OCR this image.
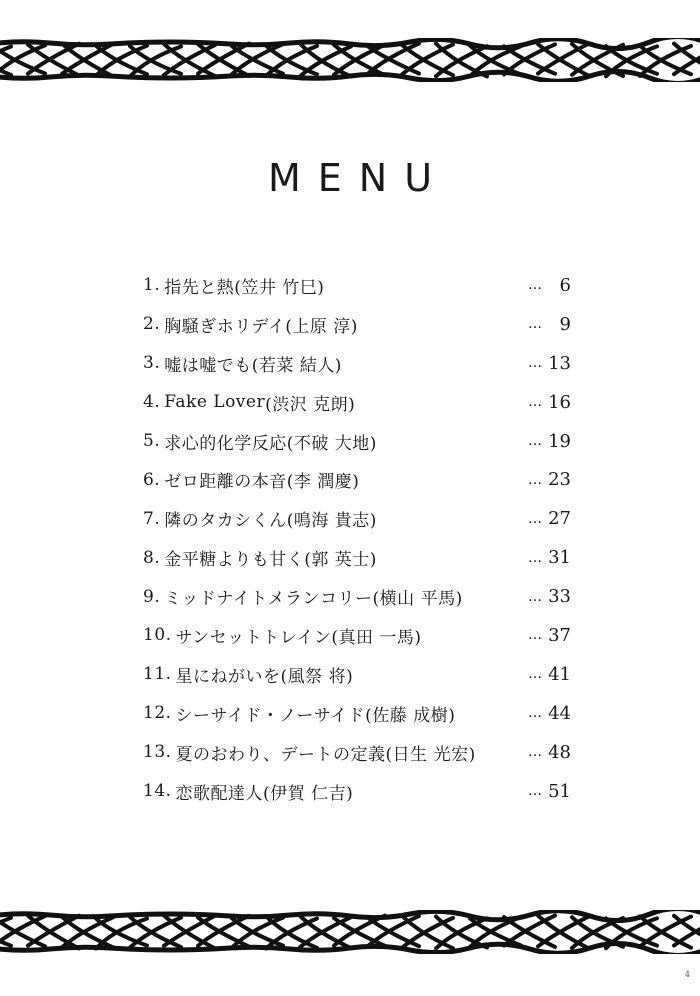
MENU
1. 指先と熱 (笠井 竹巳)	… 6
2. 胸騒ぎホリデイ (上原 淳)	… 9
3. 嘘は嘘でも (若菜 結人)	… 13
4. Fake Lover (渋沢 克朗)	… 16
5. 求心的化学反応 (不破 大地)	… 19
6. ゼロ距離の本音 (李 潤慶)	… 23
7. 隣のタカシくん (鳴海 貴志)	… 27
8. 金平糖よりも甘く (郭 英士)	… 31
9. ミッドナイトメランコリー (横山 平馬)	… 33
10. サンセットトレイン (真田 一馬)	… 37
11. 星にねがいを (風祭 将)	… 41
12. シーサイド・ノーサイド (佐藤 成樹)	… 44
13. 夏のおわり、デートの定義 (日生 光宏)	… 48
14. 恋歌配達人 (伊賀 仁吉)	… 51
4
